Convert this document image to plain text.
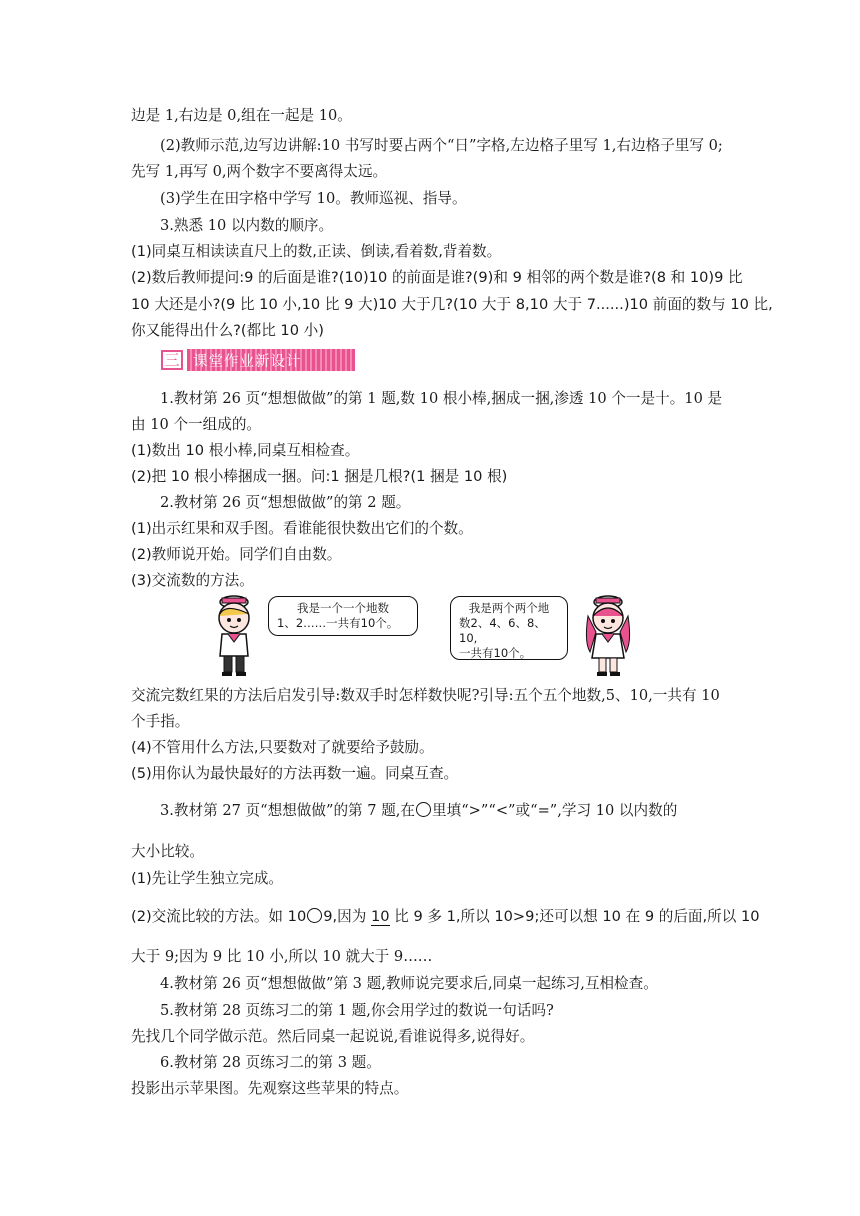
边是 1,右边是 0,组在一起是 10。
(2)教师示范,边写边讲解:10 书写时要占两个“日”字格,左边格子里写 1,右边格子里写 0;
先写 1,再写 0,两个数字不要离得太远。
(3)学生在田字格中学写 10。教师巡视、指导。
3.熟悉 10 以内数的顺序。
(1)同桌互相读读直尺上的数,正读、倒读,看着数,背着数。
(2)数后教师提问:9 的后面是谁?(10)10 的前面是谁?(9)和 9 相邻的两个数是谁?(8 和 10)9 比
10 大还是小?(9 比 10 小,10 比 9 大)10 大于几?(10 大于 8,10 大于 7......)10 前面的数与 10 比,
你又能得出什么?(都比 10 小)
三 课堂作业新设计
1.教材第 26 页“想想做做”的第 1 题,数 10 根小棒,捆成一捆,渗透 10 个一是十。10 是
由 10 个一组成的。
(1)数出 10 根小棒,同桌互相检查。
(2)把 10 根小棒捆成一捆。问:1 捆是几根?(1 捆是 10 根)
2.教材第 26 页“想想做做”的第 2 题。
(1)出示红果和双手图。看谁能很快数出它们的个数。
(2)教师说开始。同学们自由数。
(3)交流数的方法。
我是一个一个地数
1、2……一共有10个。
我是两个两个地
数2、4、6、8、10,
一共有10个。
交流完数红果的方法后启发引导:数双手时怎样数快呢?引导:五个五个地数,5、10,一共有 10
个手指。
(4)不管用什么方法,只要数对了就要给予鼓励。
(5)用你认为最快最好的方法再数一遍。同桌互查。
3.教材第 27 页“想想做做”的第 7 题,在 里填“>”“<”或“=”,学习 10 以内数的
大小比较。
(1)先让学生独立完成。
(2)交流比较的方法。如 10 9,因为 10 比 9 多 1,所以 10>9;还可以想 10 在 9 的后面,所以 10
大于 9;因为 9 比 10 小,所以 10 就大于 9……
4.教材第 26 页“想想做做”第 3 题,教师说完要求后,同桌一起练习,互相检查。
5.教材第 28 页练习二的第 1 题,你会用学过的数说一句话吗?
先找几个同学做示范。然后同桌一起说说,看谁说得多,说得好。
6.教材第 28 页练习二的第 3 题。
投影出示苹果图。先观察这些苹果的特点。
